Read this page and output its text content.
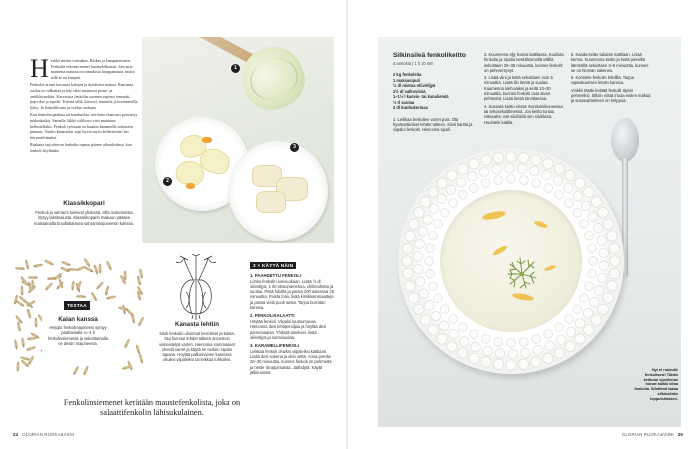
H erkkä mietta voimakas. Raikas ja lanupmaistnen. Fenkolin erkonat monet huomelelkomat. Sen anis-mainesta maussa on nirnakista hauppamasta, mutta sillä se on lempeä.

Fenkolin aromi korostaa kalojen ja äyriäisten makua. Raavanta ruokia se valkastaa ja käy siksi mainiosti posse- ja antiikkiruokiin. Kasvisista fenkolin suomen sopinut tomaatti, pap-rikat ja sipulit. Tritetsä tällä, kirvesti, mintulla ja korianterilla lyhty. Ja fenkolikvana ja veelaa ruokana.

Kun fenkolia paahtaa tai haudutelaa, sen hento kanvaus pyöristyy makeaksikis. Samalla liikkö väliltuvo vitsi muuttaus kellostellaksi. Fenkoli työstaan on kaasiin kanamelle sorkasten pinnaas. Vaaleo kanastolar sopi hyvin myös kellertävästi hei hörymelvänaksi.

Raakana tarjoittavan fenkolin rapeus pääsee oikeuksiinsa, kun fenkoli höylätään.

Klassikkopari

Fenkoli ja sahrami toimivat yhdessä, sillä molemmista löytyy lakritsaiusta. Klassikkoparin makuun pääsee maistamalla bouillabaissea sahrammajoneesin kanssa.

1
2
3
TESTAA
Kalan kanssa

Helppo fenkolimajoneesi syntyy paahamalla ¼–1 tl fenkolinsiemeniä ja sekoittamalla ne desiin majoneesia.

Kanasta lehtiin

Sitoli fenkolin ulommat kerrokset ja kanta. Ota hienout lehdet talteen ancestoin viimeistelyä varten. Hienonna sommaaset ohestit varret ja käytä ne ruokiin sipulin tapaan. Höylää palkomainen kasviosa ohuiksi viipaleiksi tai leikkaa lohkoiksi.

3 × KÄYTÄ NÄIN
1. PAAHDETTU FENKOLI
Lohko fenkolit uunivuokaan. Lisää ½ dl oliiviöljyä, 1 rkl sitruunamehua, chilirouhetta ja suolaa. Peitä foliolla ja paista 200 asteessa 25 minuuttia. Poista folio, lisää kirsikkatomaatteja ja paista vielä puoli tuntia. Tarjoa burratan kanssa.
2. FENKOLISALAATTI
Höylää fenkoli. Viipaloi luumumuusa. Hienonna desi lehtipersiljaa ja höylää desi parmesaania. Yhdistä ainekset, lisää oliiviöljyä ja sormisuolaa.
3. KARAMELLIFENKOLI
Leikkaa fenkoli ohuiksi viipaleiksi kattilaan. Lisää desi sokeria ja desi vettä. Anna porelia 20–30 minuuttia, kunnes fenkoli on pehmeää ja neste siirappimaista. Jäähdytä. Käytä jälkiruoissa.
Fenkolinsiemenet kerätään maustefenkolista, joka on salaattifenkolin lähisukulainen.
24 GLORIAN RUOKA&VIINI
Silkinsileä fenkolikeitto
4 annosta | 1 h 10 min
2 kg fenkoleita
1 maksasipuli
½ dl mietoa oliiviöljyä
2½ dl valkoviiniä
1–1½ l kasvis- tai kanaliemiä
½ tl suolaa
2 dl kuohukermaa

1. Leikkaa fenkolien varret pois. Ota hyvännäköiset lehdet talteen. Siivit kantta ja viipaloi fenkolit. Hienonna sipuli.

2. Kuumenna öljy isossa kattilassa. Kuullota fenkolia ja sipulia keskilämmöllä välillä sekoittaen 25–35 minuuttia, kunnes fenkolit on pehmentynyt.

3. Lisää viini ja keitä sekoittaen noin 5 minuuttia. Lisää liin tientä ja suolaa. Kuumenna kiehuvaksi ja keitä 10–20 minuuttia, kunnes fenkolit ovat aivan pehmeitä. Lisää lientä tarvittaessa.

4. Soseuta keitto erissä monitoimikoneessa tai tehosekoittimessa. Jos keitto tuntuu raksealta, voit siivilöidä sen siivilässä. Huuhtele kattila.

5. Kaada keitto takaisin kattilaan. Lisää kerma. Kuumenna keitto ja keitä pienellä lämmöllä sekoittaen 3–5 minuuttia, kunnes se on hieman sakeneu.

6. Koristele fenkolin lehdillä. Tarjoa rapeakuorisen leivän kanssa.

Vinkki! Maltu keittää fenkolit täysin pehmeiksi. Silloin niistä irtoaa eniten makua ja sosseuttaminen on helppoa.

Nyt ei ruukulle fenkolisesi! Tähän keittoon sjoviienan hiuvat kaikki kiloa fenkolia. Silottimit takaa silkinsileän loppulohkasen.
GLORIAN RUOKA&VIINI 25
